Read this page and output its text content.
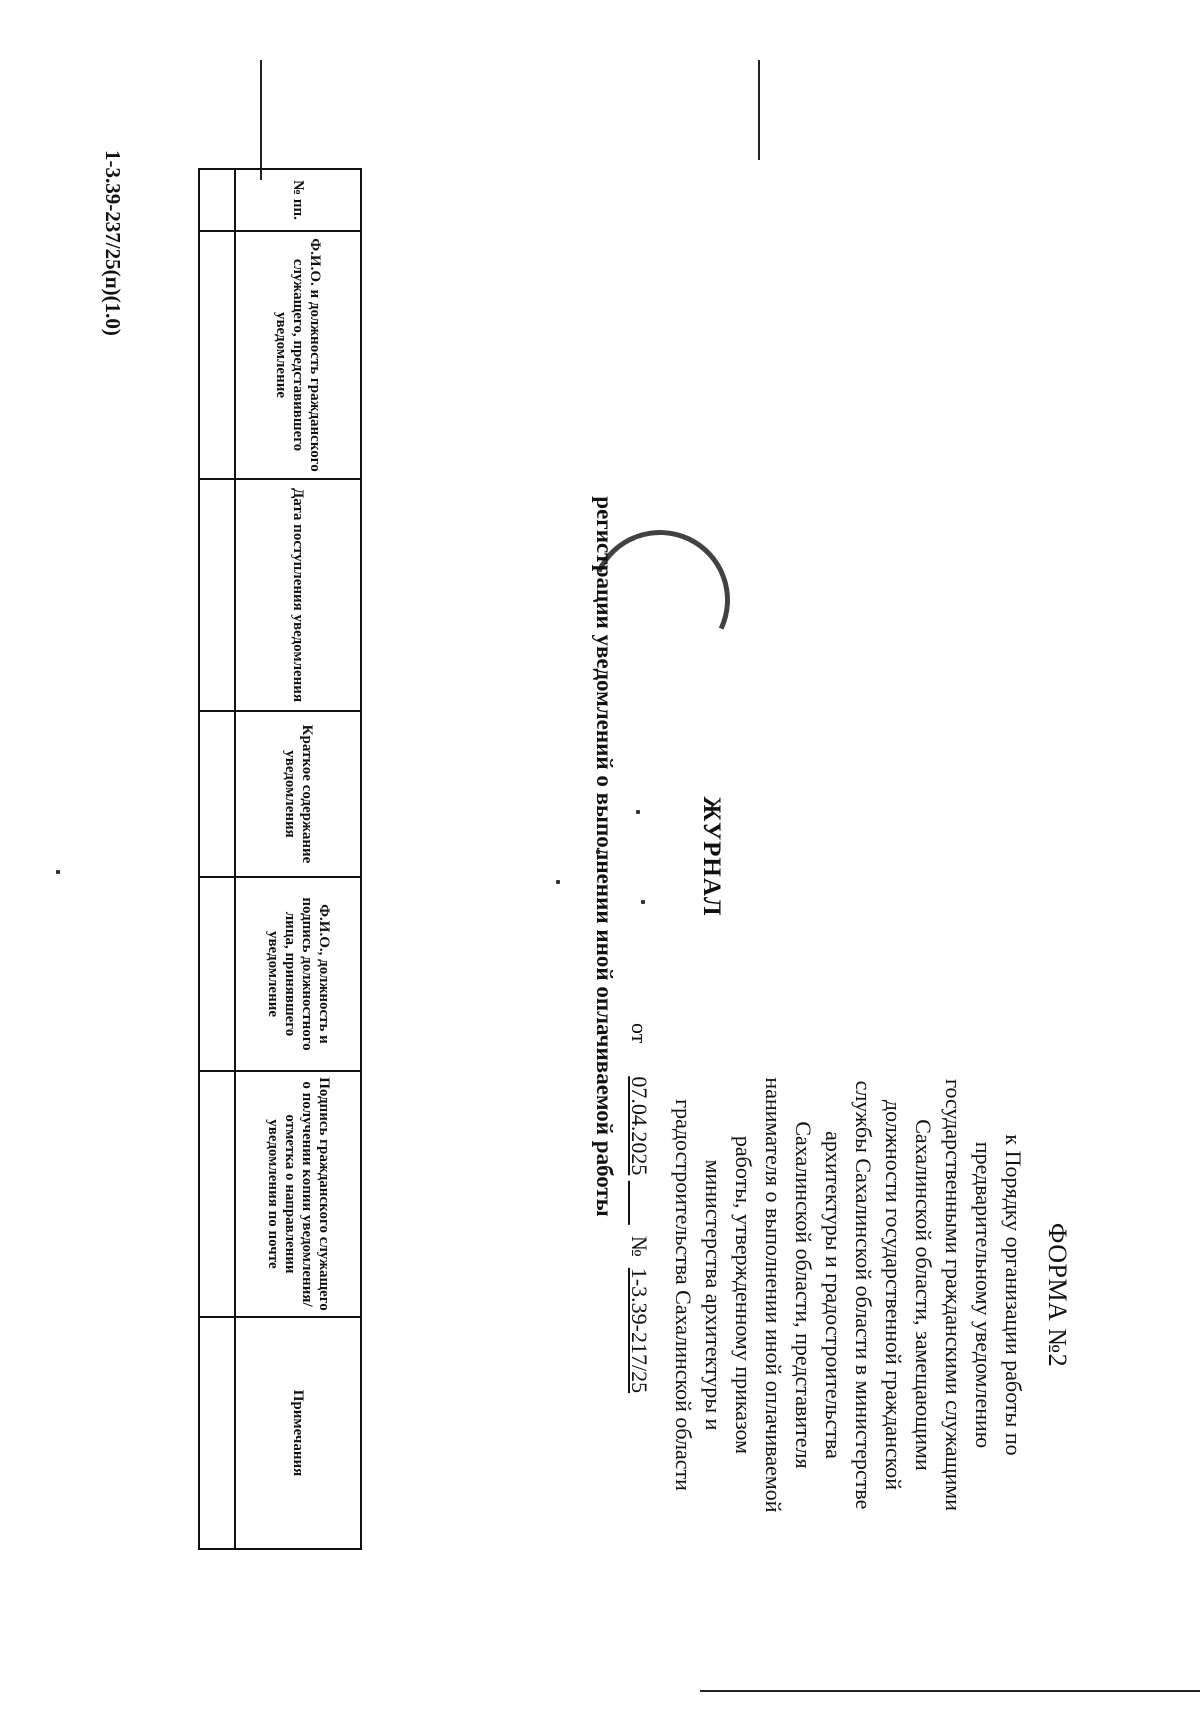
ФОРМА №2
к Порядку организации работы по
предварительному уведомлению
государственными гражданскими служащими
Сахалинской области, замещающими
должности государственной гражданской
службы Сахалинской области в министерстве
архитектуры и градостроительства
Сахалинской области, представителя
нанимателя о выполнении иной оплачиваемой
работы, утвержденному приказом
министерства архитектуры и
градостроительства Сахалинской области
от      07.04.2025           №  1-3.39-217/25
ЖУРНАЛ
регистрации уведомлений о выполнении иной оплачиваемой работы
№ пп.	Ф.И.О. и должность гражданского служащего, представившего уведомление	Дата поступления уведомления	Краткое содержание уведомления	Ф.И.О., должность и подпись должностного лица, принявшего уведомление	Подпись гражданского служащего о получении копии уведомления/отметка о направлении уведомления по почте	Примечания

1-3.39-237/25(п)(1.0)
